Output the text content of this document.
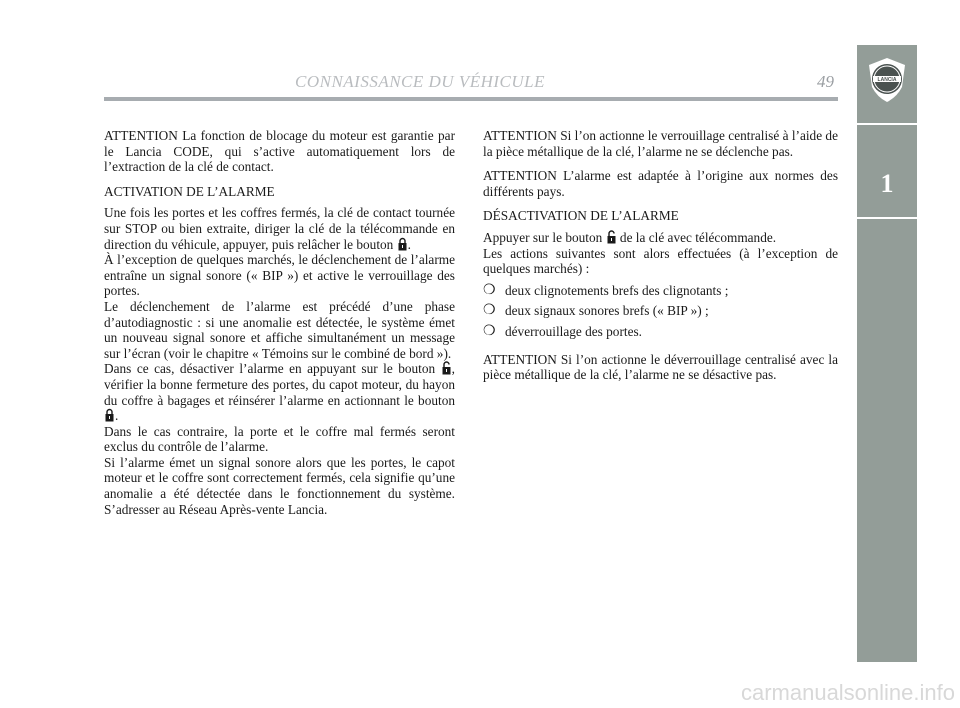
CONNAISSANCE DU VÉHICULE	49	LANCIA
1

ATTENTION La fonction de blocage du moteur est garantie par le Lancia CODE, qui s’active automatiquement lors de l’extraction de la clé de contact.

ACTIVATION DE L’ALARME

Une fois les portes et les coffres fermés, la clé de contact tournée sur STOP ou bien extraite, diriger la clé de la télécommande en direction du véhicule, appuyer, puis relâcher le bouton .

À l’exception de quelques marchés, le déclenchement de l’alarme entraîne un signal sonore (« BIP ») et active le verrouillage des portes.

Le déclenchement de l’alarme est précédé d’une phase d’autodiagnostic : si une anomalie est détectée, le système émet un nouveau signal sonore et affiche simultanément un message sur l’écran (voir le chapitre « Témoins sur le combiné de bord »).

Dans ce cas, désactiver l’alarme en appuyant sur le bouton , vérifier la bonne fermeture des portes, du capot moteur, du hayon du coffre à bagages et réinsérer l’alarme en actionnant le bouton .

Dans le cas contraire, la porte et le coffre mal fermés seront exclus du contrôle de l’alarme.

Si l’alarme émet un signal sonore alors que les portes, le capot moteur et le coffre sont correctement fermés, cela signifie qu’une anomalie a été détectée dans le fonctionnement du système. S’adresser au Réseau Après-vente Lancia.

ATTENTION Si l’on actionne le verrouillage centralisé à l’aide de la pièce métallique de la clé, l’alarme ne se déclenche pas.

ATTENTION L’alarme est adaptée à l’origine aux normes des différents pays.

DÉSACTIVATION DE L’ALARME

Appuyer sur le bouton  de la clé avec télécommande.

Les actions suivantes sont alors effectuées (à l’exception de quelques marchés) :

❍ deux clignotements brefs des clignotants ;
❍ deux signaux sonores brefs (« BIP ») ;
❍ déverrouillage des portes.

ATTENTION Si l’on actionne le déverrouillage centralisé avec la pièce métallique de la clé, l’alarme ne se désactive pas.

carmanualsonline.info
